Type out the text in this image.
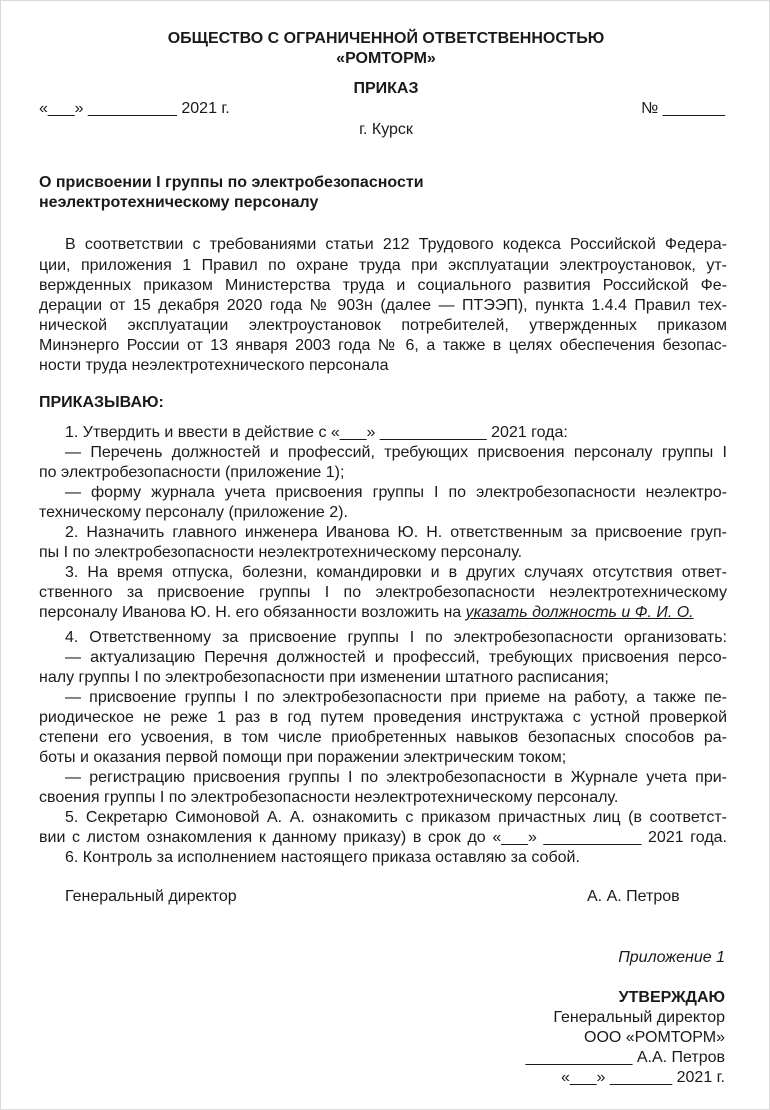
ОБЩЕСТВО С ОГРАНИЧЕННОЙ ОТВЕТСТВЕННОСТЬЮ
«РОМТОРМ»
ПРИКАЗ
«___» __________ 2021 г.	№ _______
г. Курск
О присвоении I группы по электробезопасности
неэлектротехническому персоналу
В соответствии с требованиями статьи 212 Трудового кодекса Российской Федера-
ции, приложения 1 Правил по охране труда при эксплуатации электроустановок, ут-
вержденных приказом Министерства труда и социального развития Российской Фе-
дерации от 15 декабря 2020 года № 903н (далее — ПТЭЭП), пункта 1.4.4 Правил тех-
нической эксплуатации электроустановок потребителей, утвержденных приказом
Минэнерго России от 13 января 2003 года № 6, а также в целях обеспечения безопас-
ности труда неэлектротехнического персонала
ПРИКАЗЫВАЮ:
1. Утвердить и ввести в действие с «___» ____________ 2021 года:
— Перечень должностей и профессий, требующих присвоения персоналу группы I
по электробезопасности (приложение 1);
— форму журнала учета присвоения группы I по электробезопасности неэлектро-
техническому персоналу (приложение 2).
2. Назначить главного инженера Иванова Ю. Н. ответственным за присвоение груп-
пы I по электробезопасности неэлектротехническому персоналу.
3. На время отпуска, болезни, командировки и в других случаях отсутствия ответ-
ственного за присвоение группы I по электробезопасности неэлектротехническому
персоналу Иванова Ю. Н. его обязанности возложить на указать должность и Ф. И. О.
4. Ответственному за присвоение группы I по электробезопасности организовать:
— актуализацию Перечня должностей и профессий, требующих присвоения персо-
налу группы I по электробезопасности при изменении штатного расписания;
— присвоение группы I по электробезопасности при приеме на работу, а также пе-
риодическое не реже 1 раз в год путем проведения инструктажа с устной проверкой
степени его усвоения, в том числе приобретенных навыков безопасных способов ра-
боты и оказания первой помощи при поражении электрическим током;
— регистрацию присвоения группы I по электробезопасности в Журнале учета при-
своения группы I по электробезопасности неэлектротехническому персоналу.
5. Секретарю Симоновой А. А. ознакомить с приказом причастных лиц (в соответст-
вии с листом ознакомления к данному приказу) в срок до «___» ___________ 2021 года.
6. Контроль за исполнением настоящего приказа оставляю за собой.
Генеральный директор	А. А. Петров
Приложение 1
УТВЕРЖДАЮ
Генеральный директор
ООО «РОМТОРМ»
____________ А.А. Петров
«___» _______ 2021 г.
